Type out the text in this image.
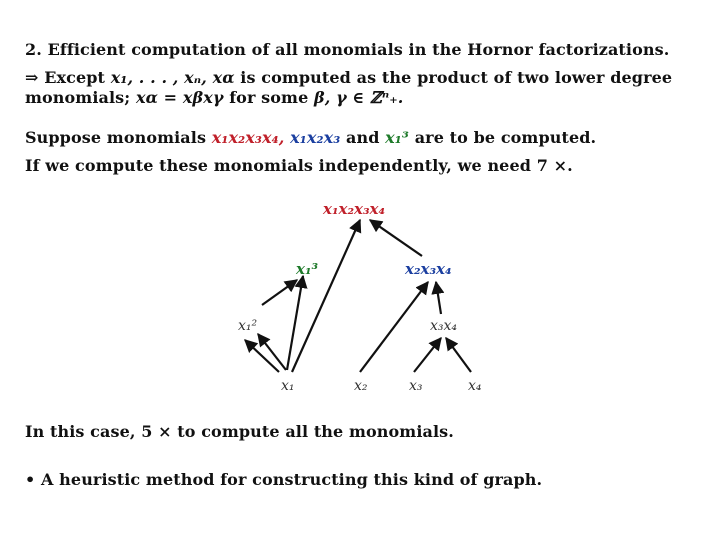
2. Efficient computation of all monomials in the Hornor factorizations.
⇒ Except x₁, . . . , xₙ, xα is computed as the product of two lower degree
monomials; xα = xβxγ for some β, γ ∈ ℤⁿ₊.
Suppose monomials x₁x₂x₃x₄, x₁x₂x₃ and x₁³ are to be computed.
If we compute these monomials independently, we need 7 ×.
x₁x₂x₃x₄
x₁³	x₂x₃x₄
x₁²	x₃x₄
x₁	x₂	x₃	x₄
In this case, 5 × to compute all the monomials.
• A heuristic method for constructing this kind of graph.
